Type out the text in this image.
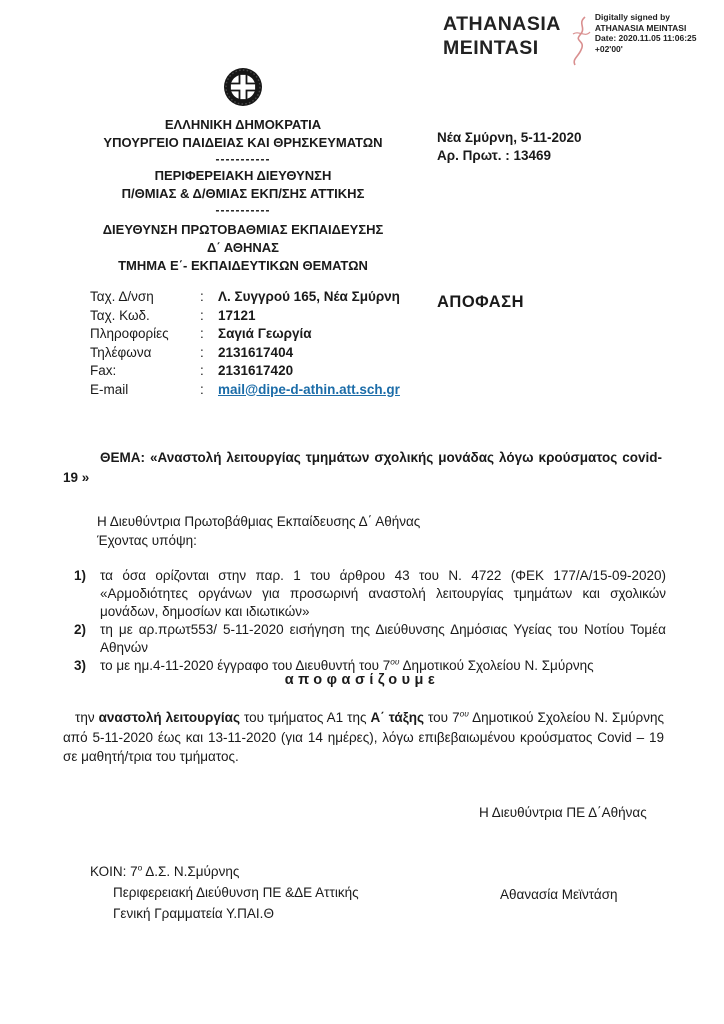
ATHANASIA
MEINTASI
Digitally signed by
ATHANASIA MEINTASI
Date: 2020.11.05 11:06:25
+02'00'
ΕΛΛΗΝΙΚΗ ΔΗΜΟΚΡΑΤΙΑ
ΥΠΟΥΡΓΕΙΟ ΠΑΙΔΕΙΑΣ ΚΑΙ ΘΡΗΣΚΕΥΜΑΤΩΝ
-----------
ΠΕΡΙΦΕΡΕΙΑΚΗ ΔΙΕΥΘΥΝΣΗ
Π/ΘΜΙΑΣ & Δ/ΘΜΙΑΣ ΕΚΠ/ΣΗΣ ΑΤΤΙΚΗΣ
-----------
ΔΙΕΥΘΥΝΣΗ ΠΡΩΤΟΒΑΘΜΙΑΣ ΕΚΠΑΙΔΕΥΣΗΣ
Δ΄ ΑΘΗΝΑΣ
ΤΜΗΜΑ Ε΄- ΕΚΠΑΙΔΕΥΤΙΚΩΝ ΘΕΜΑΤΩΝ
Νέα Σμύρνη, 5-11-2020
Αρ. Πρωτ. : 13469
Ταχ. Δ/νση	:	Λ. Συγγρού 165, Νέα Σμύρνη
Ταχ. Κωδ.	:	17121
Πληροφορίες	:	Σαγιά Γεωργία
Τηλέφωνα	:	2131617404
Fax:	:	2131617420
E-mail	:	mail@dipe-d-athin.att.sch.gr
ΑΠΟΦΑΣΗ
ΘΕΜΑ: «Αναστολή λειτουργίας τμημάτων σχολικής μονάδας λόγω κρούσματος covid-19 »
Η Διευθύντρια Πρωτοβάθμιας Εκπαίδευσης Δ΄ Αθήνας
Έχοντας υπόψη:
1)	τα όσα ορίζονται στην παρ. 1 του άρθρου 43 του Ν. 4722 (ΦΕΚ 177/Α/15-09-2020) «Αρμοδιότητες οργάνων για προσωρινή αναστολή λειτουργίας τμημάτων και σχολικών μονάδων, δημοσίων και ιδιωτικών»
2)	τη με αρ.πρωτ553/ 5-11-2020 εισήγηση της Διεύθυνσης Δημόσιας Υγείας του Νοτίου Τομέα Αθηνών
3)	το με ημ.4-11-2020 έγγραφο του Διευθυντή του $7^{o\upsilon}$ Δημοτικού Σχολείου Ν. Σμύρνης
αποφασίζουμε
την αναστολή λειτουργίας του τμήματος Α1 της Α΄ τάξης του $7^{o\upsilon}$ Δημοτικού Σχολείου Ν. Σμύρνης από 5-11-2020 έως και 13-11-2020 (για 14 ημέρες), λόγω επιβεβαιωμένου κρούσματος Covid – 19 σε μαθητή/τρια του τμήματος.
Η Διευθύντρια ΠΕ Δ΄Αθήνας
ΚΟΙΝ: $7^o$ Δ.Σ. Ν.Σμύρνης
Περιφερειακή Διεύθυνση ΠΕ &ΔΕ Αττικής
Γενική Γραμματεία Υ.ΠΑΙ.Θ
Αθανασία Μεϊντάση
